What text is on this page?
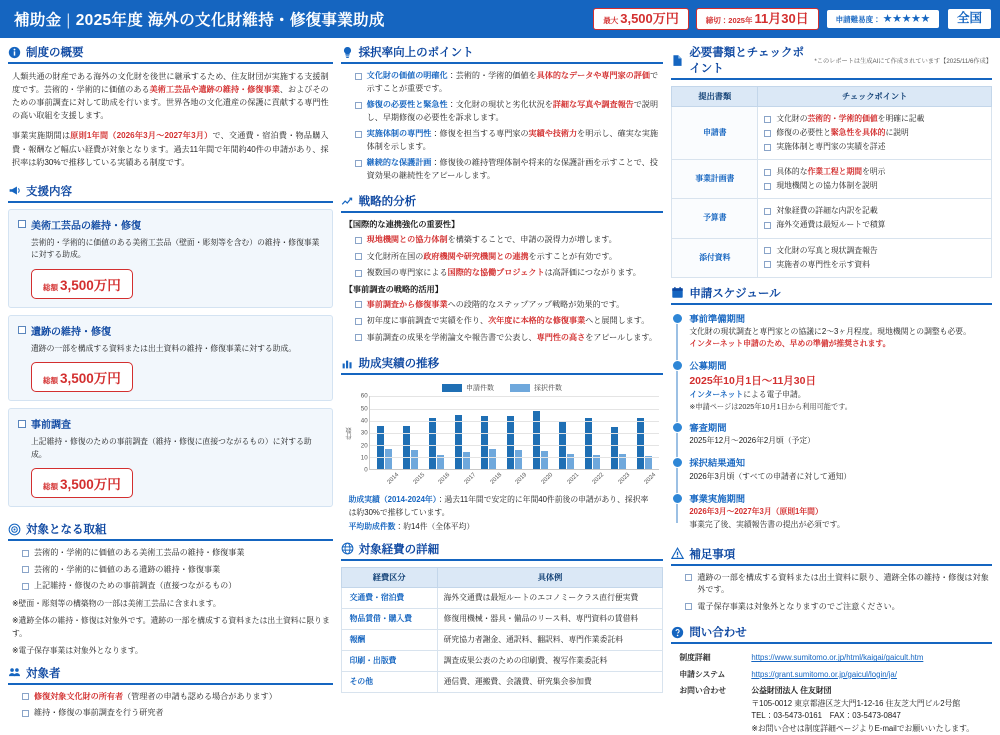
補助金 | 2025年度 海外の文化財維持・修復事業助成	最大 3,500万円	締切：2025年 11月30日	申請難易度： ★★★★★ 全国
制度の概要

人類共通の財産である海外の文化財を後世に継承するため、住友財団が実施する支援制度です。芸術的・学術的に価値のある美術工芸品や遺跡の維持・修復事業、およびそのための事前調査に対して助成を行います。世界各地の文化遺産の保護に貢献する専門性の高い取組を支援します。

事業実施期間は原則1年間（2026年3月〜2027年3月）で、交通費・宿泊費・物品購入費・報酬など幅広い経費が対象となります。過去11年間で年間約40件の申請があり、採択率は約30%で推移している実績ある制度です。

支援内容
美術工芸品の維持・修復
芸術的・学術的に価値のある美術工芸品（壁面・彫刻等を含む）の維持・修復事業に対する助成。
総額 3,500万円
遺跡の維持・修復
遺跡の一部を構成する資料または出土資料の維持・修復事業に対する助成。
総額 3,500万円
事前調査
上記維持・修復のための事前調査（維持・修復に直接つながるもの）に対する助成。
総額 3,500万円
対象となる取組
芸術的・学術的に価値のある美術工芸品の維持・修復事業
芸術的・学術的に価値のある遺跡の維持・修復事業
上記維持・修復のための事前調査（直接つながるもの）
※壁面・彫刻等の構築物の一部は美術工芸品に含まれます。
※遺跡全体の維持・修復は対象外です。遺跡の一部を構成する資料または出土資料に限ります。
※電子保存事業は対象外となります。
対象者
修復対象文化財の所有者（管理者の申請も認める場合があります）
維持・修復の事前調査を行う研究者
採択率向上のポイント
文化財の価値の明確化：芸術的・学術的価値を具体的なデータや専門家の評価で示すことが重要です。
修復の必要性と緊急性：文化財の現状と劣化状況を詳細な写真や調査報告で説明し、早期修復の必要性を訴求します。
実施体制の専門性：修復を担当する専門家の実績や技術力を明示し、確実な実施体制を示します。
継続的な保護計画：修復後の維持管理体制や将来的な保護計画を示すことで、投資効果の継続性をアピールします。
戦略的分析
【国際的な連携強化の重要性】
現地機関との協力体制を構築することで、申請の説得力が増します。
文化財所在国の政府機関や研究機関との連携を示すことが有効です。
複数国の専門家による国際的な協働プロジェクトは高評価につながります。
【事前調査の戦略的活用】
事前調査から修復事業への段階的なステップアップ戦略が効果的です。
初年度に事前調査で実績を作り、次年度に本格的な修復事業へと展開します。
事前調査の成果を学術論文や報告書で公表し、専門性の高さをアピールします。
助成実績の推移
申請件数	採択件数
件数
0
10
20
30
40
50
60
2014	2015	2016	2017	2018	2019	2020	2021	2022	2023	2024
助成実績（2014-2024年）：過去11年間で安定的に年間40件前後の申請があり、採択率は約30%で推移しています。
平均助成件数：約14件（全体平均）
対象経費の詳細
経費区分	具体例
交通費・宿泊費	海外交通費は最短ルートのエコノミークラス直行便実費
物品賃借・購入費	修復用機械・器具・備品のリース料、専門資料の賃借料
報酬	研究協力者謝金、通訳料、翻訳料、専門作業委託料
印刷・出版費	調査成果公表のための印刷費、複写作業委託料
その他	通信費、運搬費、会議費、研究集会参加費
必要書類とチェックポイント
*このレポートは生成AIにて作成されています【2025/11/6作成】
提出書類	チェックポイント
申請書	
文化財の芸術的・学術的価値を明確に記載
修復の必要性と緊急性を具体的に説明
実施体制と専門家の実績を詳述

事業計画書	
具体的な作業工程と期間を明示
現地機関との協力体制を説明

予算書	
対象経費の詳細な内訳を記載
海外交通費は最短ルートで積算

添付資料	
文化財の写真と現状調査報告
実施者の専門性を示す資料
申請スケジュール
事前準備期間
文化財の現状調査と専門家との協議に2〜3ヶ月程度。現地機関との調整も必要。
インターネット申請のため、早めの準備が推奨されます。
公募期間
2025年10月1日〜11月30日
インターネットによる電子申請。
※申請ページは2025年10月1日から利用可能です。
審査期間
2025年12月〜2026年2月頃（予定）
採択結果通知
2026年3月頃（すべての申請者に対して通知）
事業実施期間
2026年3月〜2027年3月（原則1年間）
事業完了後、実績報告書の提出が必須です。
補足事項
遺跡の一部を構成する資料または出土資料に限り、遺跡全体の維持・修復は対象外です。
電子保存事業は対象外となりますのでご注意ください。
問い合わせ
制度詳細	https://www.sumitomo.or.jp/html/kaigai/gaicult.htm
申請システム	https://grant.sumitomo.or.jp/gaicul/login/ja/
お問い合わせ	公益財団法人 住友財団
〒105-0012 東京都港区芝大門1-12-16 住友芝大門ビル2号館
TEL：03-5473-0161　FAX：03-5473-0847
※お問い合せは制度詳細ページよりE-mailでお願いいたします。
